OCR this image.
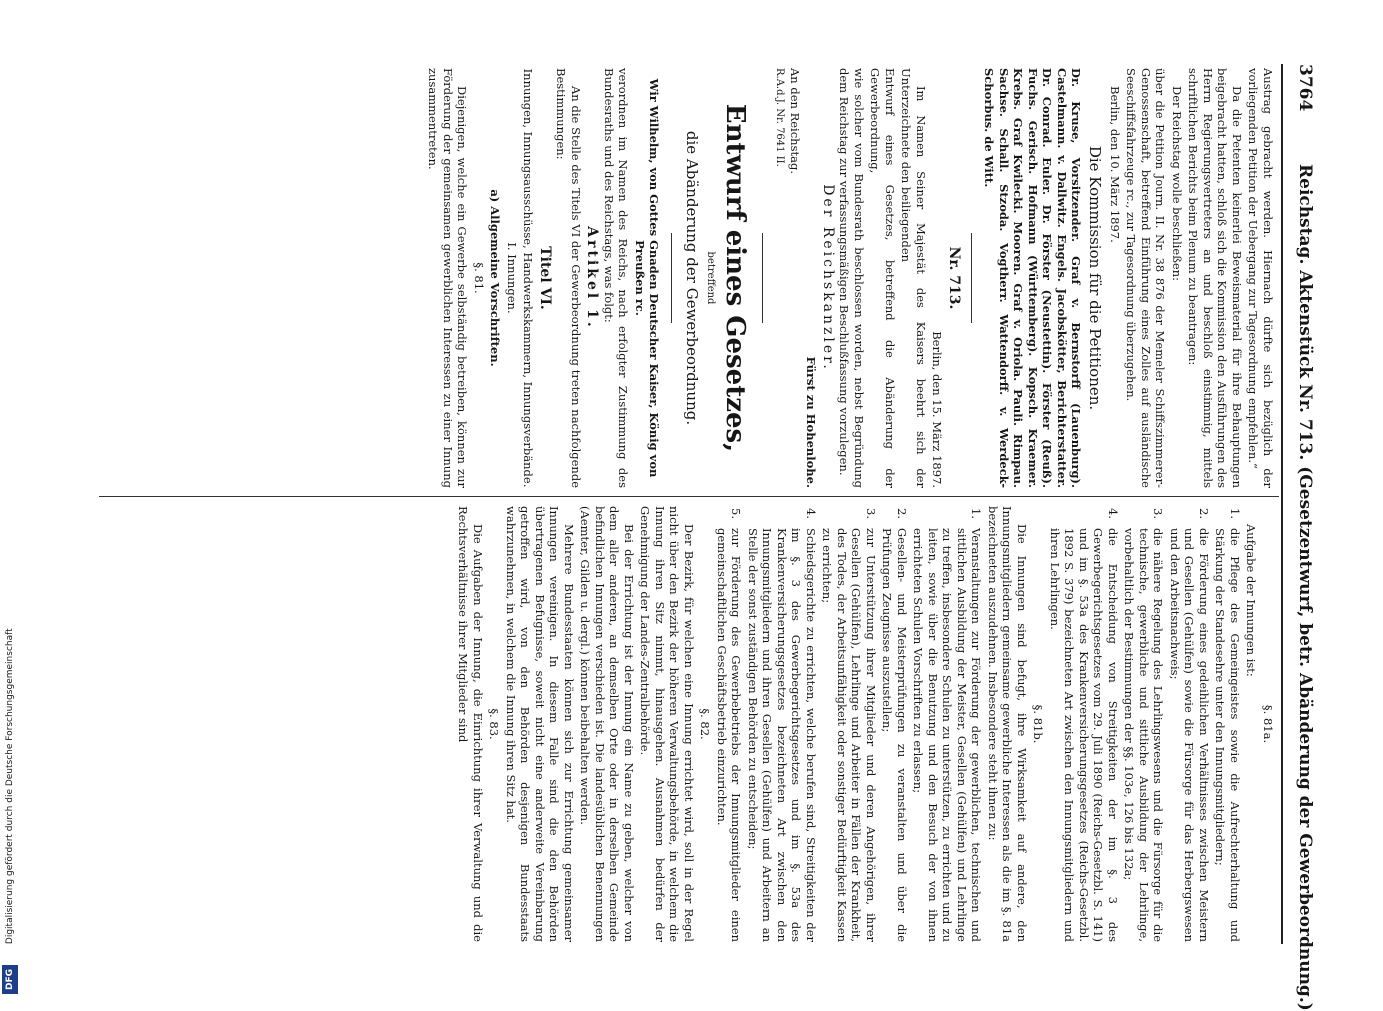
3764
Reichstag. Aktenstück Nr. 713. (Gesetzentwurf, betr. Abänderung der Gewerbeordnung.)

Austrag gebracht werden. Hiernach dürfte sich bezüglich der vorliegenden Petition der Uebergang zur Tagesordnung empfehlen.“

Da die Petenten keinerlei Beweismaterial für ihre Behauptungen beigebracht hatten, schloß sich die Kommission den Ausführungen des Herrn Regierungsvertreters an und beschloß einstimmig, mittels schriftlichen Berichts beim Plenum zu beantragen:

Der Reichstag wolle beschließen:

über die Petition Journ. II. Nr. 38 876 der Memeler Schiffszimmerer-Genossenschaft, betreffend Einführung eines Zolles auf ausländische Seeschiffsfahrzeuge rc., zur Tagesordnung überzugehen.

Berlin, den 10. März 1897.

Die Kommission für die Petitionen.

Dr. Kruse, Vorsitzender. Graf v. Bernstorff (Lauenburg). Castelmann. v. Dallwitz. Engels. Jacobskötter, Berichterstatter. Dr. Conrad. Euler. Dr. Förster (Neustettin). Förster (Reuß). Fuchs. Gerisch. Hofmann (Württemberg). Kopsch. Kraemer. Krebs. Graf Kwilecki. Mooren. Graf v. Oriola. Pauli. Rimpau. Sachse. Schall. Stzoda. Vogtherr. Wattendorff. v. Werdeck-Schorbus. de Witt.

Nr. 713.

Berlin, den 15. März 1897.

Im Namen Seiner Majestät des Kaisers beehrt sich der Unterzeichnete den beiliegenden

Entwurf eines Gesetzes, betreffend die Abänderung der Gewerbeordnung,

wie solcher vom Bundesrath beschlossen worden, nebst Begründung dem Reichstag zur verfassungsmäßigen Beschlußfassung vorzulegen.

Der Reichskanzler.

Fürst zu Hohenlohe.

An den Reichstag.

R.A.d.J. Nr. 7641 II.

Entwurf eines Gesetzes,

betreffend

die Abänderung der Gewerbeordnung.

Wir Wilhelm, von Gottes Gnaden Deutscher Kaiser, König von Preußen rc.

verordnen im Namen des Reichs, nach erfolgter Zustimmung des Bundesraths und des Reichstags, was folgt:

Artikel 1.

An die Stelle des Titels VI der Gewerbeordnung treten nachfolgende Bestimmungen:

Titel VI.

Innungen, Innungsausschüsse, Handwerkskammern, Innungsverbände.

I. Innungen.

a) Allgemeine Vorschriften.

§. 81.

Diejenigen, welche ein Gewerbe selbständig betreiben, können zur Förderung der gemeinsamen gewerblichen Interessen zu einer Innung zusammentreten.

§. 81a.

Aufgabe der Innungen ist:

1.
die Pflege des Gemeingeistes sowie die Aufrechterhaltung und Stärkung der Standesehre unter den Innungsmitgliedern;

2.
die Förderung eines gedeihlichen Verhältnisses zwischen Meistern und Gesellen (Gehülfen) sowie die Fürsorge für das Herbergswesen und den Arbeitsnachweis;

3.
die nähere Regelung des Lehrlingswesens und die Fürsorge für die technische, gewerbliche und sittliche Ausbildung der Lehrlinge, vorbehaltlich der Bestimmungen der §§. 103e, 126 bis 132a;

4.
die Entscheidung von Streitigkeiten der im §. 3 des Gewerbegerichtsgesetzes vom 29. Juli 1890 (Reichs-Gesetzbl. S. 141) und im §. 53a des Krankenversicherungsgesetzes (Reichs-Gesetzbl. 1892 S. 379) bezeichneten Art zwischen den Innungsmitgliedern und ihren Lehrlingen.

§. 81b.

Die Innungen sind befugt, ihre Wirksamkeit auf andere, den Innungsmitgliedern gemeinsame gewerbliche Interessen als die im §. 81a bezeichneten auszudehnen. Insbesondere steht ihnen zu:

1.
Veranstaltungen zur Förderung der gewerblichen, technischen und sittlichen Ausbildung der Meister, Gesellen (Gehülfen) und Lehrlinge zu treffen, insbesondere Schulen zu unterstützen, zu errichten und zu leiten, sowie über die Benutzung und den Besuch der von ihnen errichteten Schulen Vorschriften zu erlassen;

2.
Gesellen- und Meisterprüfungen zu veranstalten und über die Prüfungen Zeugnisse auszustellen;

3.
zur Unterstützung ihrer Mitglieder und deren Angehörigen, ihrer Gesellen (Gehülfen), Lehrlinge und Arbeiter in Fällen der Krankheit, des Todes, der Arbeitsunfähigkeit oder sonstiger Bedürftigkeit Kassen zu errichten;

4.
Schiedsgerichte zu errichten, welche berufen sind, Streitigkeiten der im §. 3 des Gewerbegerichtsgesetzes und im §. 53a des Krankenversicherungsgesetzes bezeichneten Art zwischen den Innungsmitgliedern und ihren Gesellen (Gehülfen) und Arbeitern an Stelle der sonst zuständigen Behörden zu entscheiden;

5.
zur Förderung des Gewerbebetriebs der Innungsmitglieder einen gemeinschaftlichen Geschäftsbetrieb einzurichten.

§. 82.

Der Bezirk, für welchen eine Innung errichtet wird, soll in der Regel nicht über den Bezirk der höheren Verwaltungsbehörde, in welchem die Innung ihren Sitz nimmt, hinausgehen. Ausnahmen bedürfen der Genehmigung der Landes-Zentralbehörde.

Bei der Errichtung ist der Innung ein Name zu geben, welcher von dem aller anderen, an demselben Orte oder in derselben Gemeinde befindlichen Innungen verschieden ist. Die landesüblichen Benennungen (Aemter, Gilden u. dergl.) können beibehalten werden.

Mehrere Bundesstaaten können sich zur Errichtung gemeinsamer Innungen vereinigen. In diesem Falle sind die den Behörden übertragenen Befugnisse, soweit nicht eine anderweite Vereinbarung getroffen wird, von den Behörden desjenigen Bundesstaats wahrzunehmen, in welchem die Innung ihren Sitz hat.

§. 83.

Die Aufgaben der Innung, die Einrichtung ihrer Verwaltung und die Rechtsverhältnisse ihrer Mitglieder sind

DFG Digitalisierung gefördert durch die Deutsche Forschungsgemeinschaft
